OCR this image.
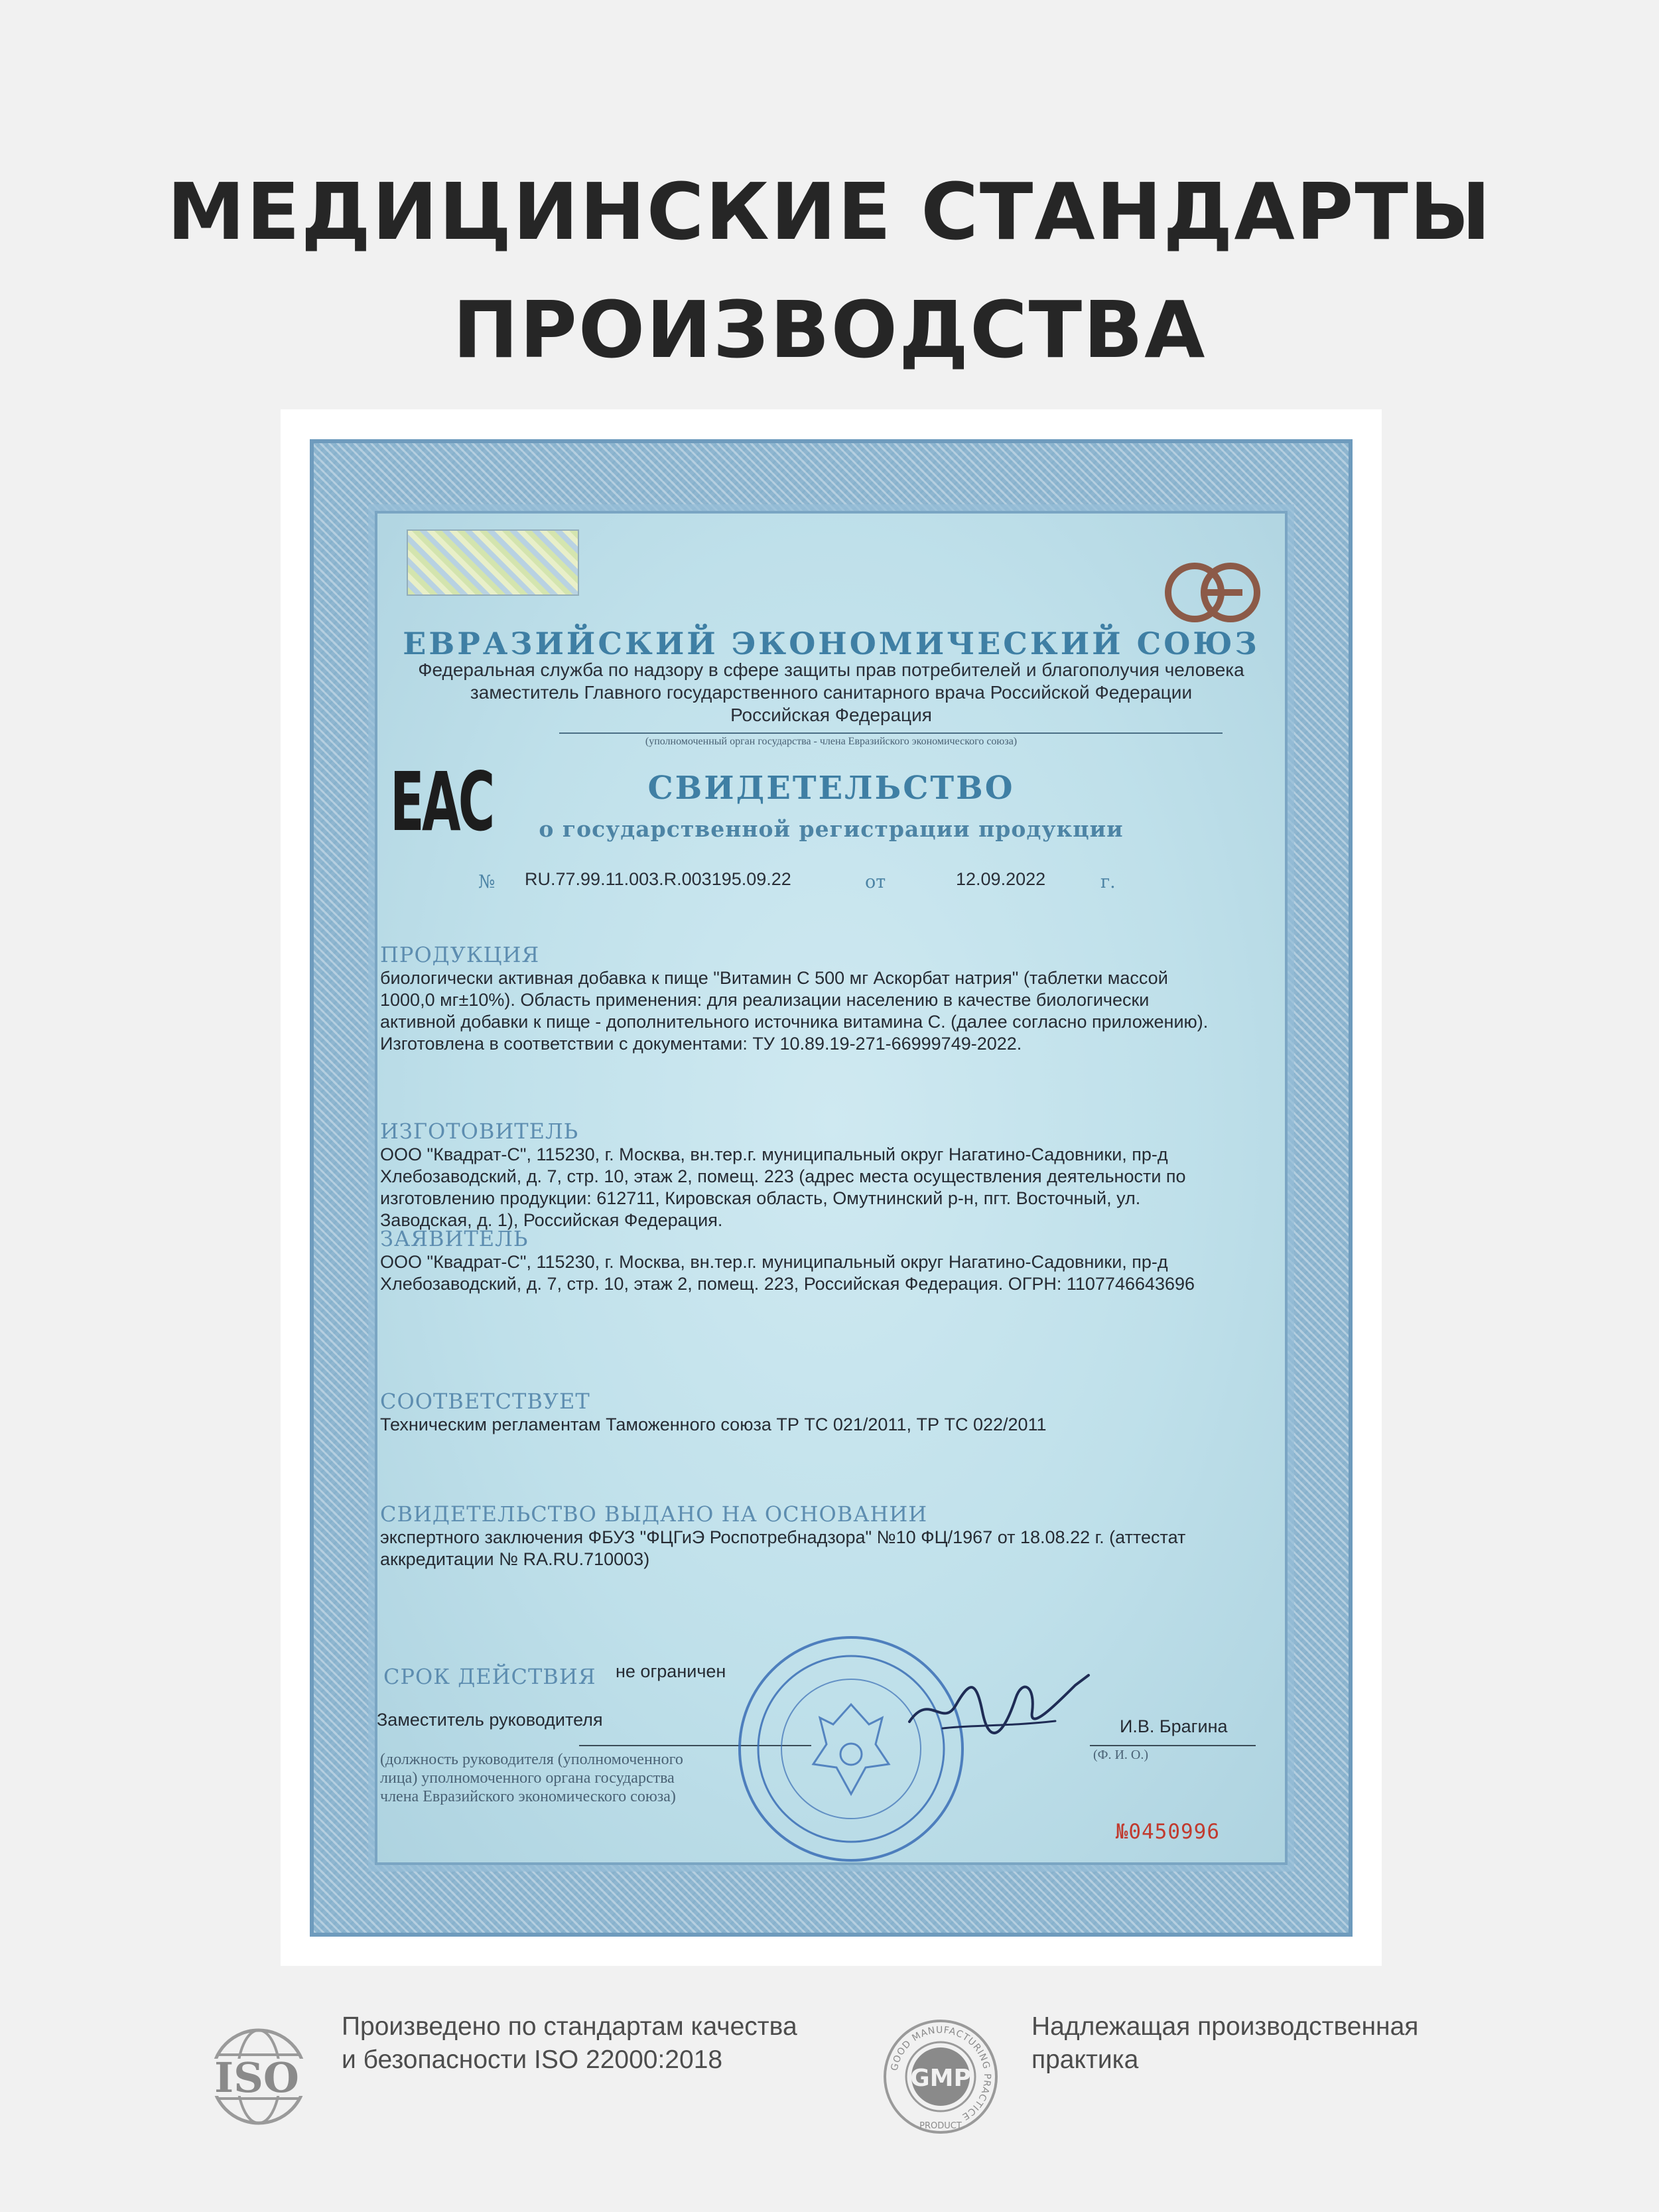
МЕДИЦИНСКИЕ СТАНДАРТЫ
ПРОИЗВОДСТВА
ЕВРАЗИЙСКИЙ ЭКОНОМИЧЕСКИЙ СОЮЗ
Федеральная служба по надзору в сфере защиты прав потребителей и благополучия человека
заместитель Главного государственного санитарного врача Российской Федерации
Российская Федерация
(уполномоченный орган государства - члена Евразийского экономического союза)
ЕАС	СВИДЕТЕЛЬСТВО
о государственной регистрации продукции
№ RU.77.99.11.003.R.003195.09.22	от	12.09.2022	г.
ПРОДУКЦИЯ
биологически активная добавка к пище "Витамин С 500 мг Аскорбат натрия" (таблетки массой
1000,0 мг±10%). Область применения: для реализации населению в качестве биологически
активной добавки к пище - дополнительного источника витамина С. (далее согласно приложению).
Изготовлена в соответствии с документами: ТУ 10.89.19-271-66999749-2022.
ИЗГОТОВИТЕЛЬ
ООО "Квадрат-С", 115230, г. Москва, вн.тер.г. муниципальный округ Нагатино-Садовники, пр-д
Хлебозаводский, д. 7, стр. 10, этаж 2, помещ. 223 (адрес места осуществления деятельности по
изготовлению продукции: 612711, Кировская область, Омутнинский р-н, пгт. Восточный, ул.
Заводская, д. 1), Российская Федерация.
ЗАЯВИТЕЛЬ
ООО "Квадрат-С", 115230, г. Москва, вн.тер.г. муниципальный округ Нагатино-Садовники, пр-д
Хлебозаводский, д. 7, стр. 10, этаж 2, помещ. 223, Российская Федерация. ОГРН: 1107746643696
СООТВЕТСТВУЕТ
Техническим регламентам Таможенного союза ТР ТС 021/2011, ТР ТС 022/2011
СВИДЕТЕЛЬСТВО ВЫДАНО НА ОСНОВАНИИ
экспертного заключения ФБУЗ "ФЦГиЭ Роспотребнадзора" №10 ФЦ/1967 от 18.08.22 г. (аттестат
аккредитации № RA.RU.710003)
СРОК ДЕЙСТВИЯ не ограничен
Заместитель руководителя	И.В. Брагина
(Ф. И. О.)
(должность руководителя (уполномоченного
лица) уполномоченного органа государства
члена Евразийского экономического союза)
№0450996
ISO
Произведено по стандартам качества
и безопасности ISO 22000:2018	GOOD MANUFACTURING PRACTICE
GMP
PRODUCT
Надлежащая производственная
практика
